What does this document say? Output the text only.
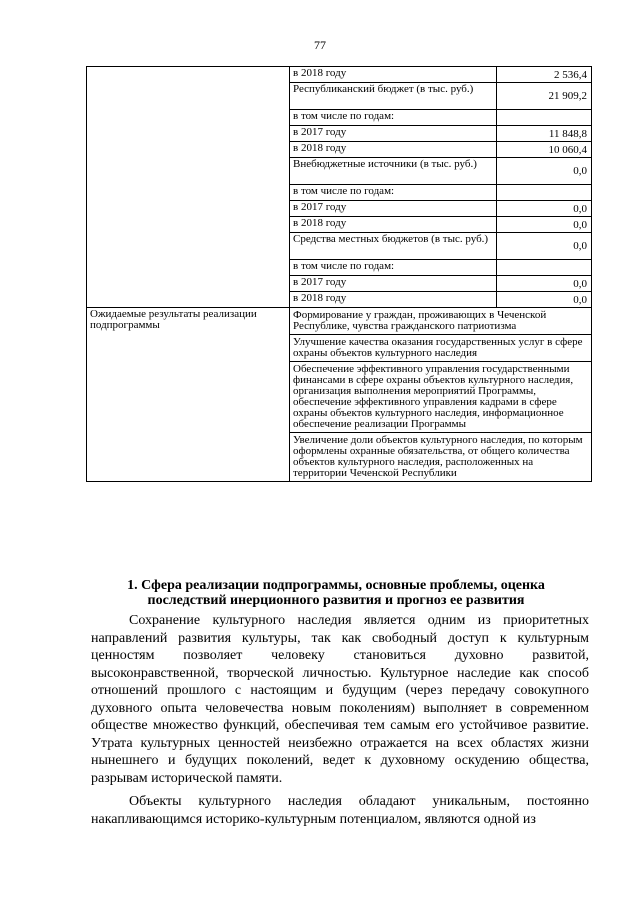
77
	в 2018 году	2 536,4
	Республиканский бюджет (в тыс. руб.)	21 909,2
	в том числе по годам:	
	в 2017 году	11 848,8
	в 2018 году	10 060,4
	Внебюджетные источники (в тыс. руб.)	0,0
	в том числе по годам:	
	в 2017 году	0,0
	в 2018 году	0,0
	Средства местных бюджетов (в тыс. руб.)	0,0
	в том числе по годам:	
	в 2017 году	0,0
	в 2018 году	0,0
Ожидаемые результаты реализации подпрограммы	Формирование у граждан, проживающих в Чеченской Республике, чувства гражданского патриотизма	
	Улучшение качества оказания государственных услуг в сфере охраны объектов культурного наследия	
	Обеспечение эффективного управления государственными финансами в сфере охраны объектов культурного наследия, организация выполнения мероприятий Программы, обеспечение эффективного управления кадрами в сфере охраны объектов культурного наследия, информационное обеспечение реализации Программы	
	Увеличение доли объектов культурного наследия, по которым оформлены охранные обязательства, от общего количества объектов культурного наследия, расположенных на территории Чеченской Республики	
1. Сфера реализации подпрограммы, основные проблемы, оценка последствий инерционного развития и прогноз ее развития

Сохранение культурного наследия является одним из приоритетных направлений развития культуры, так как свободный доступ к культурным ценностям позволяет человеку становиться духовно развитой, высоконравственной, творческой личностью. Культурное наследие как способ отношений прошлого с настоящим и будущим (через передачу совокупного духовного опыта человечества новым поколениям) выполняет в современном обществе множество функций, обеспечивая тем самым его устойчивое развитие. Утрата культурных ценностей неизбежно отражается на всех областях жизни нынешнего и будущих поколений, ведет к духовному оскудению общества, разрывам исторической памяти.

Объекты культурного наследия обладают уникальным, постоянно накапливающимся историко-культурным потенциалом, являются одной из
